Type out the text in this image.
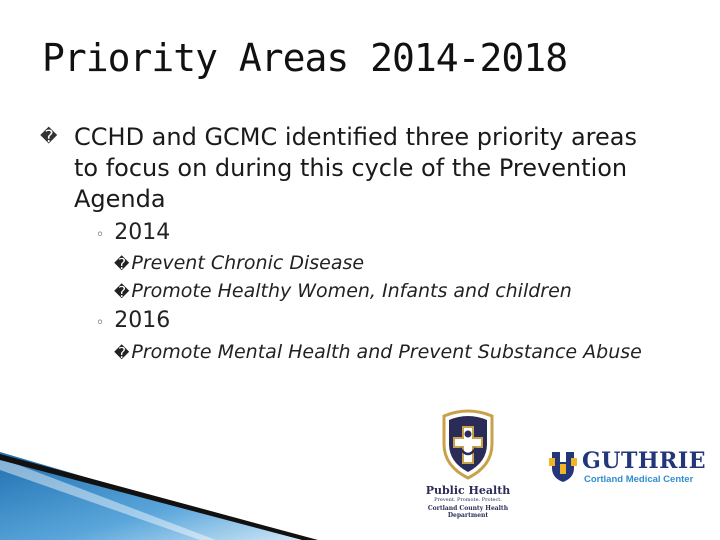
Priority Areas 2014-2018
� CCHD and GCMC identified three priority areas to focus on during this cycle of the Prevention Agenda
◦ 2014
� Prevent Chronic Disease
� Promote Healthy Women, Infants and children
◦ 2016
� Promote Mental Health and Prevent Substance Abuse
Public Health
Prevent. Promote. Protect.
Cortland County Health Department
GUTHRIE
Cortland Medical Center
